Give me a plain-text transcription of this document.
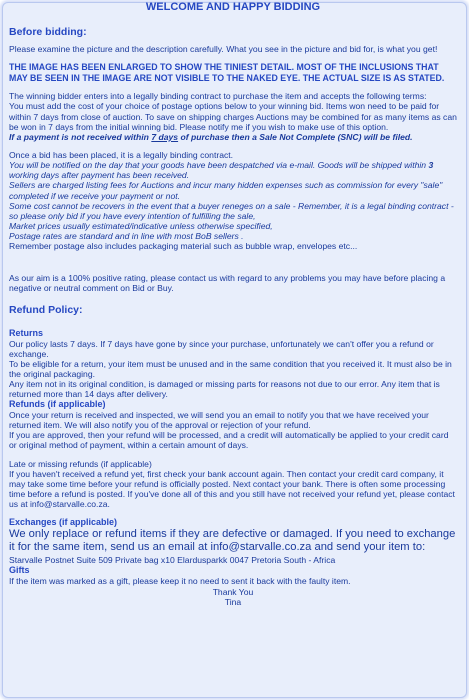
WELCOME AND HAPPY BIDDING
Before bidding:

Please examine the picture and the description carefully. What you see in the picture and bid for, is what you get!

THE IMAGE HAS BEEN ENLARGED TO SHOW THE TINIEST DETAIL. MOST OF THE INCLUSIONS THAT MAY BE SEEN IN THE IMAGE ARE NOT VISIBLE TO THE NAKED EYE. THE ACTUAL SIZE IS AS STATED.

The winning bidder enters into a legally binding contract to purchase the item and accepts the following terms:
You must add the cost of your choice of postage options below to your winning bid. Items won need to be paid for within 7 days from close of auction. To save on shipping charges Auctions may be combined for as many items as can be won in 7 days from the initial winning bid. Please notify me if you wish to make use of this option.
If a payment is not received within 7 days of purchase then a Sale Not Complete (SNC) will be filed.

Once a bid has been placed, it is a legally binding contract.
You will be notified on the day that your goods have been despatched via e-mail. Goods will be shipped within 3 working days after payment has been received.
Sellers are charged listing fees for Auctions and incur many hidden expenses such as commission for every "sale" completed if we receive your payment or not.
Some cost cannot be recovers in the event that a buyer reneges on a sale - Remember, it is a legal binding contract - so please only bid if you have every intention of fulfilling the sale,
Market prices usually estimated/indicative unless otherwise specified,
Postage rates are standard and in line with most BoB sellers .
Remember postage also includes packaging material such as bubble wrap, envelopes etc...

As our aim is a 100% positive rating, please contact us with regard to any problems you may have before placing a negative or neutral comment on Bid or Buy.

Refund Policy:

Returns
Our policy lasts 7 days. If 7 days have gone by since your purchase, unfortunately we can't offer you a refund or exchange.
To be eligible for a return, your item must be unused and in the same condition that you received it. It must also be in the original packaging.
Any item not in its original condition, is damaged or missing parts for reasons not due to our error. Any item that is returned more than 14 days after delivery.
Refunds (if applicable)
Once your return is received and inspected, we will send you an email to notify you that we have received your returned item. We will also notify you of the approval or rejection of your refund.
If you are approved, then your refund will be processed, and a credit will automatically be applied to your credit card or original method of payment, within a certain amount of days.

Late or missing refunds (if applicable)
If you haven't received a refund yet, first check your bank account again. Then contact your credit card company, it may take some time before your refund is officially posted. Next contact your bank. There is often some processing time before a refund is posted. If you've done all of this and you still have not received your refund yet, please contact us at info@starvalle.co.za.

Exchanges (if applicable)
We only replace or refund items if they are defective or damaged. If you need to exchange it for the same item, send us an email at info@starvalle.co.za and send your item to:
Starvalle Postnet Suite 509 Private bag x10 Elardusparkk 0047 Pretoria South - Africa
Gifts
If the item was marked as a gift, please keep it no need to sent it back with the faulty item.

Thank You
Tina
